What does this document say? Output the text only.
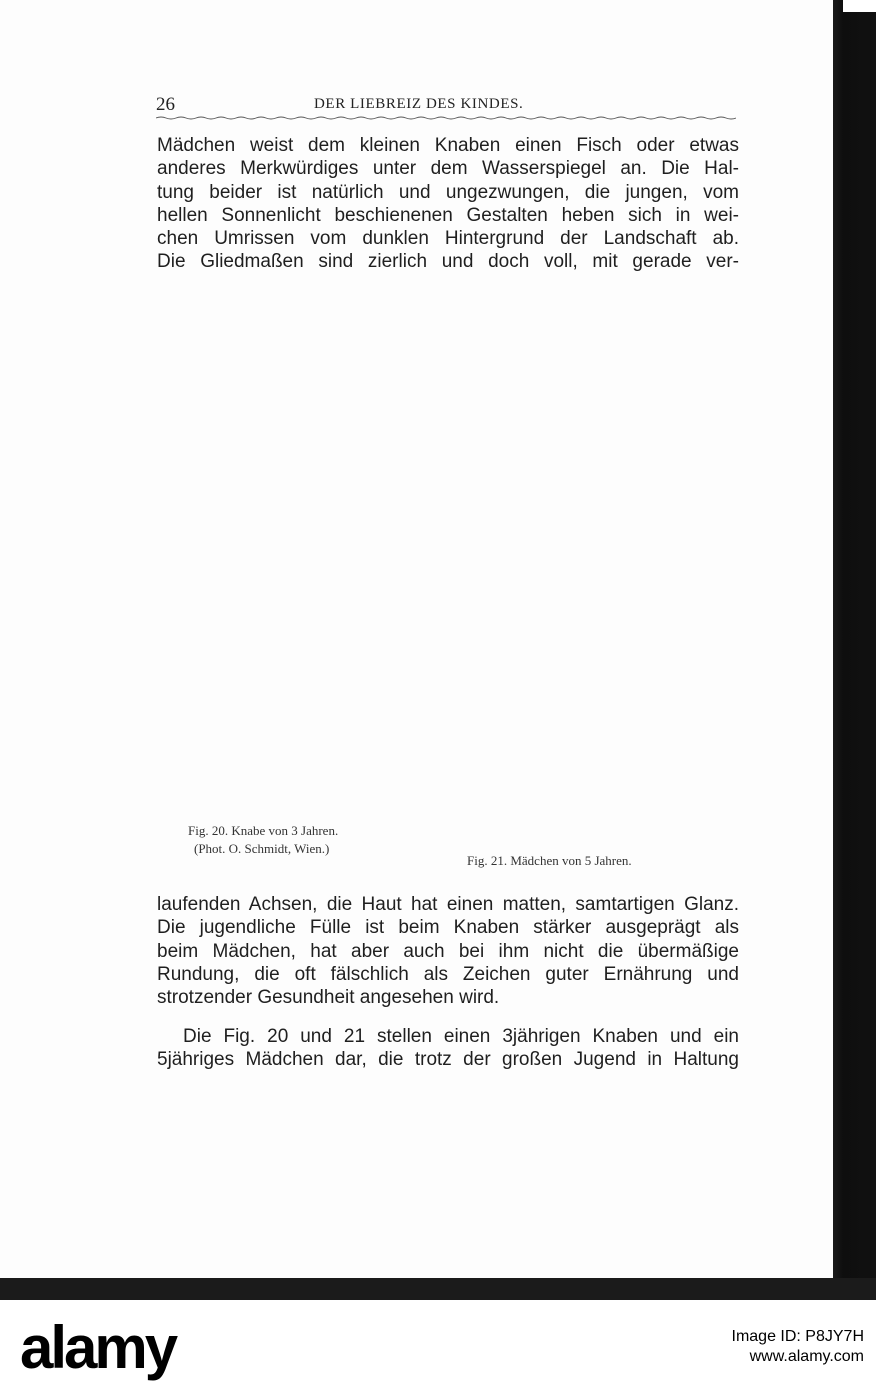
26	DER LIEBREIZ DES KINDES.
Mädchen weist dem kleinen Knaben einen Fisch oder etwas
anderes Merkwürdiges unter dem Wasserspiegel an. Die Hal-
tung beider ist natürlich und ungezwungen, die jungen, vom
hellen Sonnenlicht beschienenen Gestalten heben sich in wei-
chen Umrissen vom dunklen Hintergrund der Landschaft ab.
Die Gliedmaßen sind zierlich und doch voll, mit gerade ver-
Fig. 20. Knabe von 3 Jahren.
(Phot. O. Schmidt, Wien.)
Fig. 21. Mädchen von 5 Jahren.
laufenden Achsen, die Haut hat einen matten, samtartigen Glanz.
Die jugendliche Fülle ist beim Knaben stärker ausgeprägt als
beim Mädchen, hat aber auch bei ihm nicht die übermäßige
Rundung, die oft fälschlich als Zeichen guter Ernährung und
strotzender Gesundheit angesehen wird.
Die Fig. 20 und 21 stellen einen 3jährigen Knaben und ein
5jähriges Mädchen dar, die trotz der großen Jugend in Haltung
alamy	Image ID: P8JY7H
www.alamy.com
